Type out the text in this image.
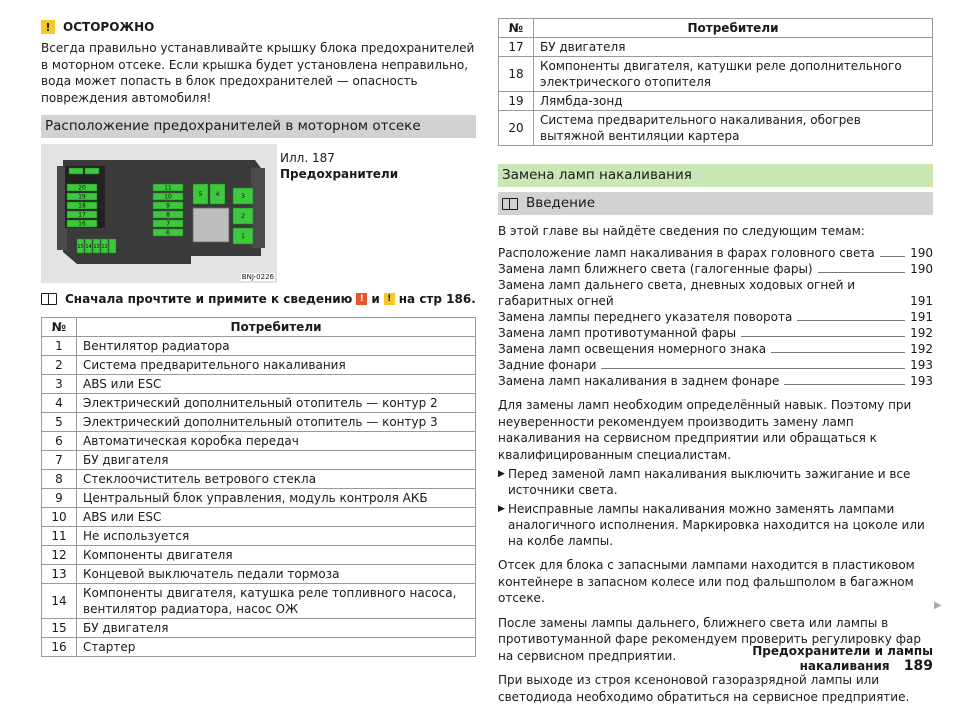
!	ОСТОРОЖНО
Всегда правильно устанавливайте крышку блока предохранителей в моторном отсеке. Если крышка будет установлена неправильно, вода может попасть в блок предохранителей — опасность повреждения автомобиля!
Расположение предохранителей в моторном отсеке
20
19
18
17
16
15 14 13 12
11
10
9
8
7
6
5 4	3
2
1
BNJ-0226
Илл. 187
Предохранители
Сначала прочтите и примите к сведению ! и ! на стр 186.
№	Потребители
1	Вентилятор радиатора
2	Система предварительного накаливания
3	ABS или ESC
4	Электрический дополнительный отопитель — контур 2
5	Электрический дополнительный отопитель — контур 3
6	Автоматическая коробка передач
7	БУ двигателя
8	Стеклоочиститель ветрового стекла
9	Центральный блок управления, модуль контроля АКБ
10	ABS или ESC
11	Не используется
12	Компоненты двигателя
13	Концевой выключатель педали тормоза
14	Компоненты двигателя, катушка реле топливного насоса, вентилятор радиатора, насос ОЖ
15	БУ двигателя
16	Стартер
№	Потребители
17	БУ двигателя
18	Компоненты двигателя, катушки реле дополнительного электрического отопителя
19	Лямбда-зонд
20	Система предварительного накаливания, обогрев вытяжной вентиляции картера
Замена ламп накаливания
Введение
В этой главе вы найдёте сведения по следующим темам:
Расположение ламп накаливания в фарах головного света	190
Замена ламп ближнего света (галогенные фары)	190
Замена ламп дальнего света, дневных ходовых огней и габаритных огней	191
Замена лампы переднего указателя поворота	191
Замена ламп противотуманной фары	192
Замена ламп освещения номерного знака	192
Задние фонари	193
Замена ламп накаливания в заднем фонаре	193
Для замены ламп необходим определённый навык. Поэтому при неуверенности рекомендуем производить замену ламп накаливания на сервисном предприятии или обращаться к квалифицированным специалистам.
▶ Перед заменой ламп накаливания выключить зажигание и все источники света.
▶ Неисправные лампы накаливания можно заменять лампами аналогичного исполнения. Маркировка находится на цоколе или на колбе лампы.
Отсек для блока с запасными лампами находится в пластиковом контейнере в запасном колесе или под фальшполом в багажном отсеке.
После замены лампы дальнего, ближнего света или лампы в противотуманной фаре рекомендуем проверить регулировку фар на сервисном предприятии.
При выходе из строя ксеноновой газоразрядной лампы или светодиода необходимо обратиться на сервисное предприятие.
▶
Предохранители и лампы накаливания 189
